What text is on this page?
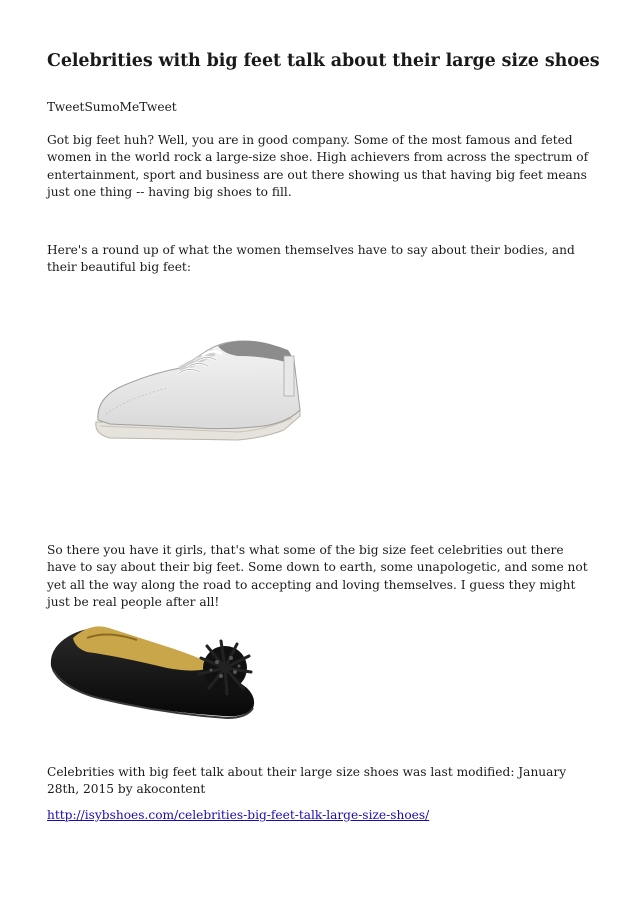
Celebrities with big feet talk about their large size shoes

TweetSumoMeTweet

Got big feet huh? Well, you are in good company. Some of the most famous and feted women in the world rock a large-size shoe. High achievers from across the spectrum of entertainment, sport and business are out there showing us that having big feet means just one thing -- having big shoes to fill.

Here's a round up of what the women themselves have to say about their bodies, and their beautiful big feet:

So there you have it girls, that's what some of the big size feet celebrities out there have to say about their big feet. Some down to earth, some unapologetic, and some not yet all the way along the road to accepting and loving themselves. I guess they might just be real people after all!

Celebrities with big feet talk about their large size shoes was last modified: January 28th, 2015 by akocontent

http://isybshoes.com/celebrities-big-feet-talk-large-size-shoes/
